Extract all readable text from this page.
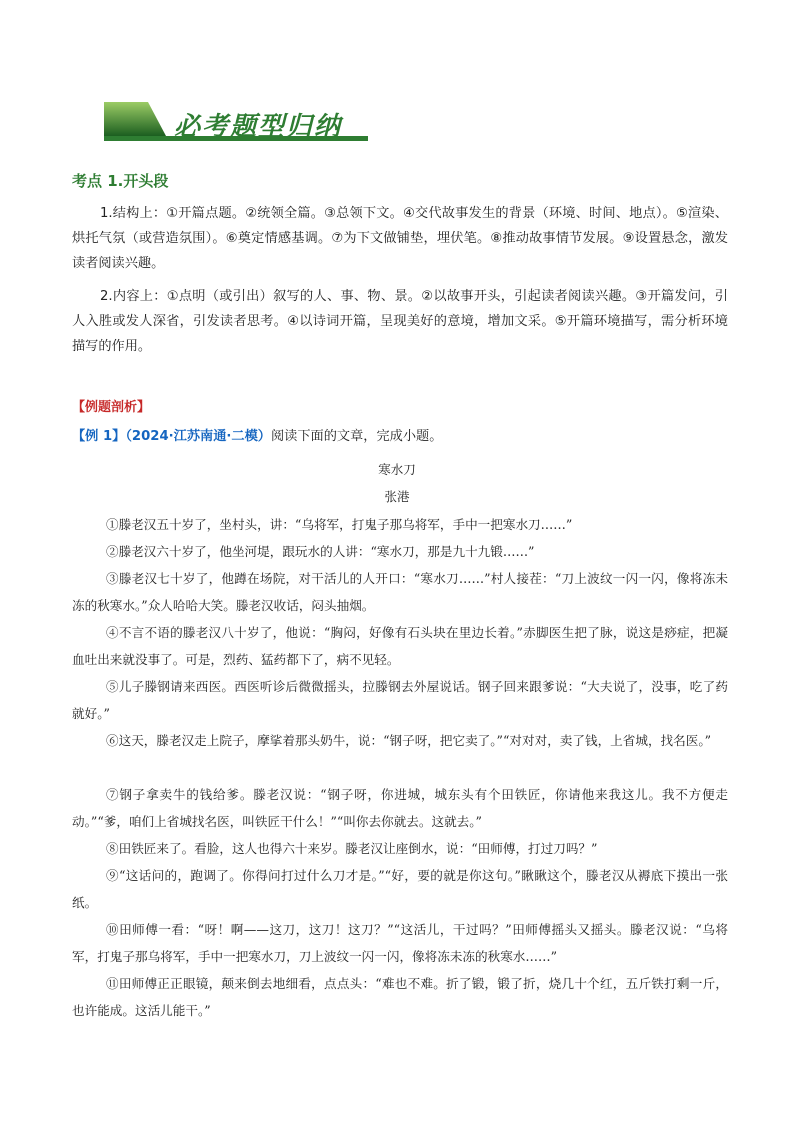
必考题型归纳
考点 1.开头段
1.结构上：①开篇点题。②统领全篇。③总领下文。④交代故事发生的背景（环境、时间、地点）。⑤渲染、烘托气氛（或营造氛围）。⑥奠定情感基调。⑦为下文做铺垫，埋伏笔。⑧推动故事情节发展。⑨设置悬念，激发读者阅读兴趣。
2.内容上：①点明（或引出）叙写的人、事、物、景。②以故事开头，引起读者阅读兴趣。③开篇发问，引人入胜或发人深省，引发读者思考。④以诗词开篇，呈现美好的意境，增加文采。⑤开篇环境描写，需分析环境描写的作用。
【例题剖析】
【例 1】（2024·江苏南通·二模）阅读下面的文章，完成小题。
寒水刀
张港
①滕老汉五十岁了，坐村头，讲：“乌将军，打鬼子那乌将军，手中一把寒水刀……”
②滕老汉六十岁了，他坐河堤，跟玩水的人讲：“寒水刀，那是九十九锻……”
③滕老汉七十岁了，他蹲在场院，对干活儿的人开口：“寒水刀……”村人接茬：“刀上波纹一闪一闪，像将冻未冻的秋寒水。”众人哈哈大笑。滕老汉收话，闷头抽烟。
④不言不语的滕老汉八十岁了，他说：“胸闷，好像有石头块在里边长着。”赤脚医生把了脉，说这是痧症，把凝血吐出来就没事了。可是，烈药、猛药都下了，病不见轻。
⑤儿子滕钢请来西医。西医听诊后微微摇头，拉滕钢去外屋说话。钢子回来跟爹说：“大夫说了，没事，吃了药就好。”
⑥这天，滕老汉走上院子，摩挲着那头奶牛，说：“钢子呀，把它卖了。”“对对对，卖了钱，上省城，找名医。”
⑦钢子拿卖牛的钱给爹。滕老汉说：“钢子呀，你进城，城东头有个田铁匠，你请他来我这儿。我不方便走动。”“爹，咱们上省城找名医，叫铁匠干什么！”“叫你去你就去。这就去。”
⑧田铁匠来了。看脸，这人也得六十来岁。滕老汉让座倒水，说：“田师傅，打过刀吗？”
⑨“这话问的，跑调了。你得问打过什么刀才是。”“好，要的就是你这句。”瞅瞅这个，滕老汉从褥底下摸出一张纸。
⑩田师傅一看：“呀！啊——这刀，这刀！这刀？”“这活儿，干过吗？”田师傅摇头又摇头。滕老汉说：“乌将军，打鬼子那乌将军，手中一把寒水刀，刀上波纹一闪一闪，像将冻未冻的秋寒水……”
⑪田师傅正正眼镜，颠来倒去地细看，点点头：“难也不难。折了锻，锻了折，烧几十个红，五斤铁打剩一斤，也许能成。这活儿能干。”
